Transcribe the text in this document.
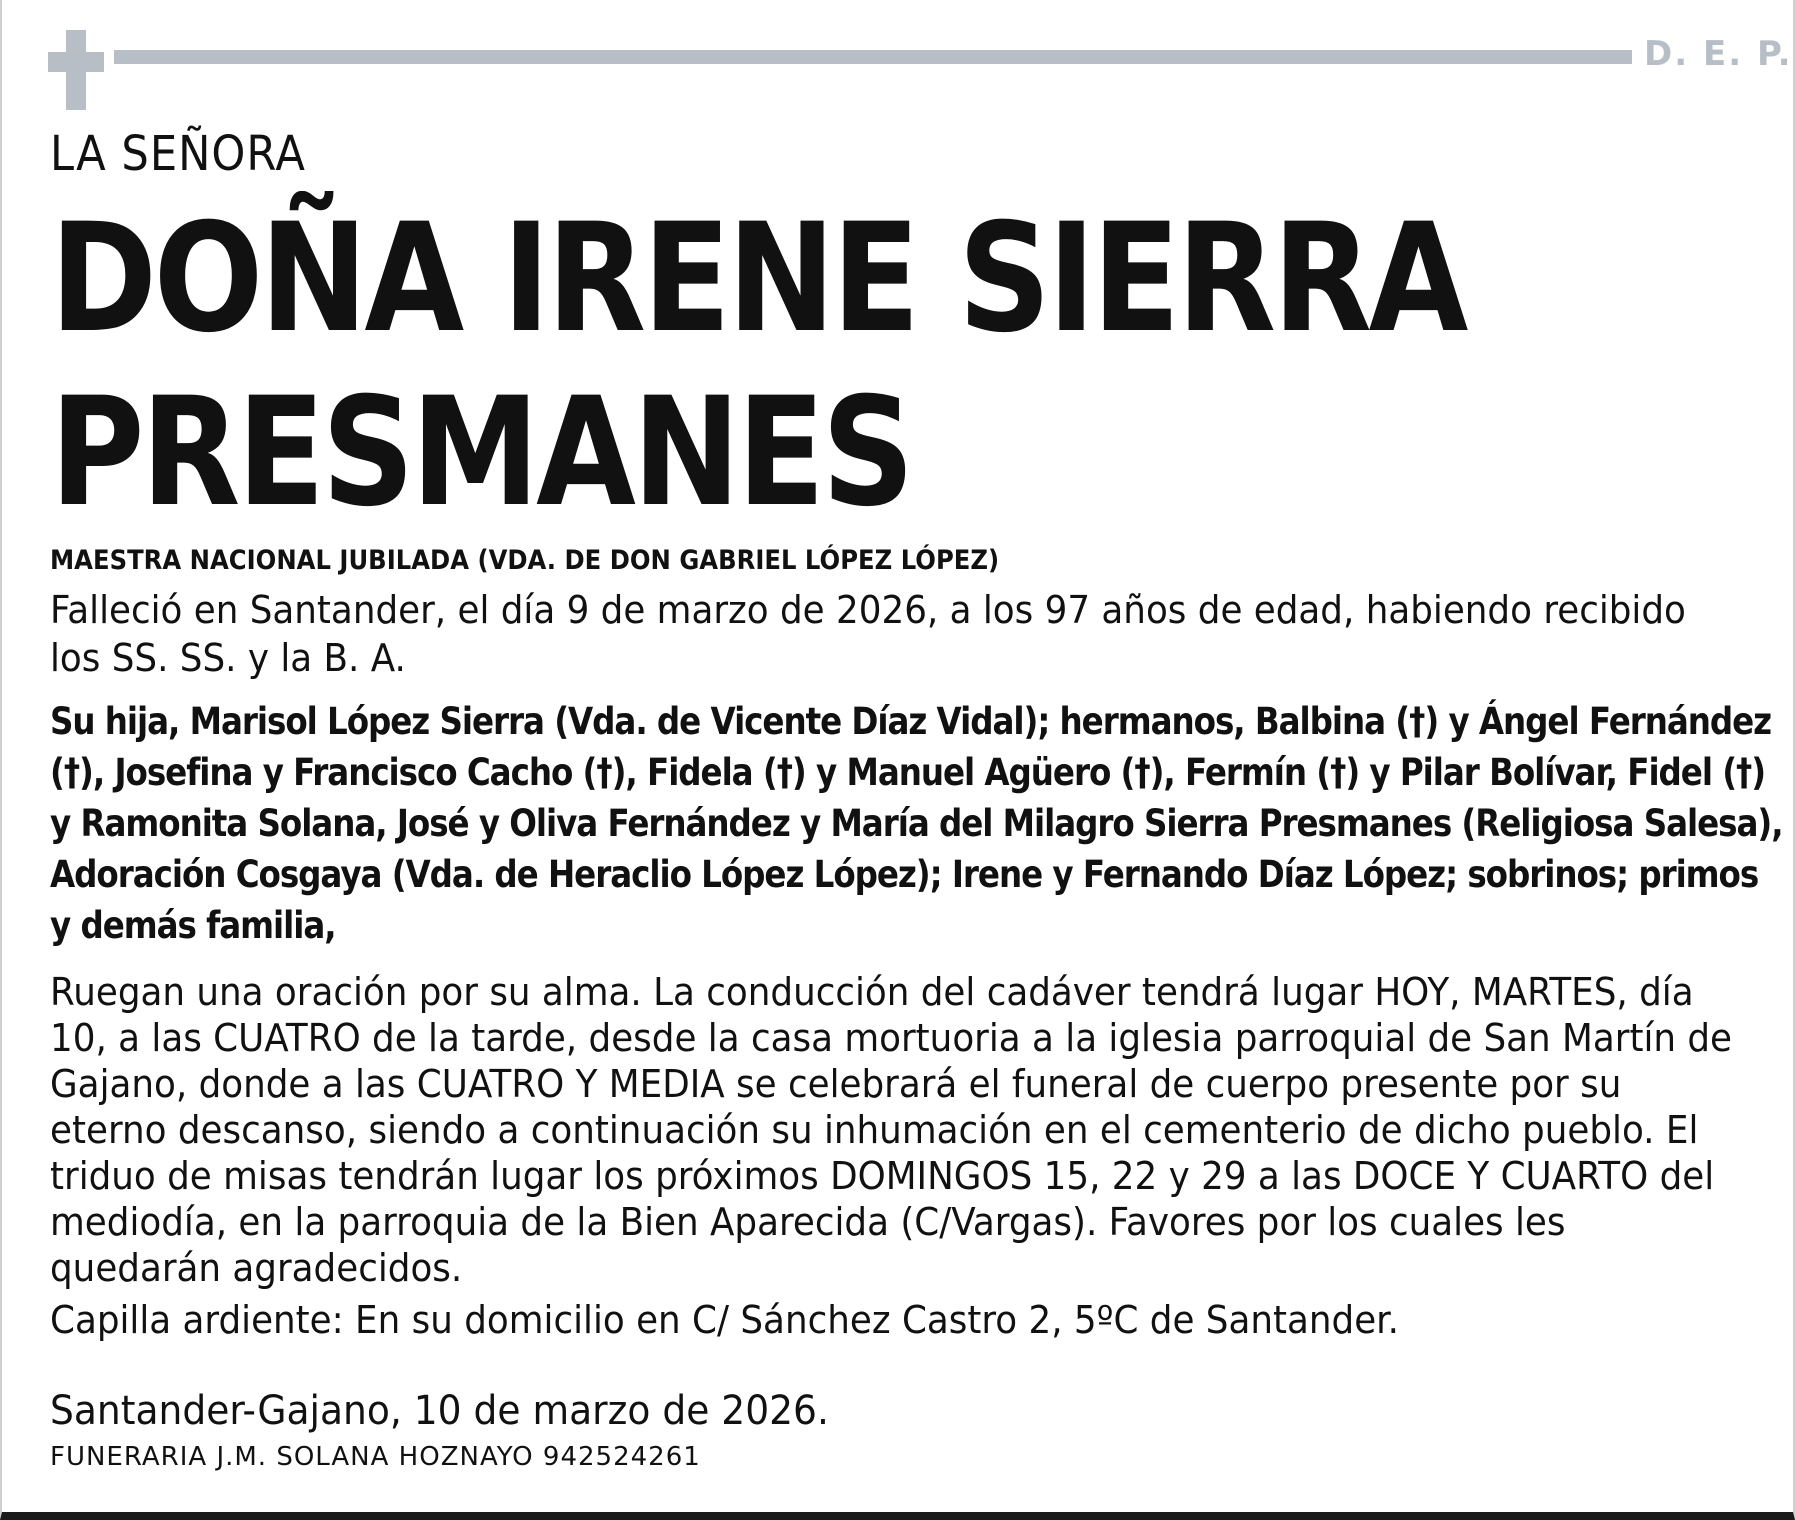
D. E. P.

LA SEÑORA

DOÑA IRENE SIERRA
PRESMANES

MAESTRA NACIONAL JUBILADA (VDA. DE DON GABRIEL LÓPEZ LÓPEZ)

Falleció en Santander, el día 9 de marzo de 2026, a los 97 años de edad, habiendo recibido los SS. SS. y la B. A.

Su hija, Marisol López Sierra (Vda. de Vicente Díaz Vidal); hermanos, Balbina (†) y Ángel Fernández (†), Josefina y Francisco Cacho (†), Fidela (†) y Manuel Agüero (†), Fermín (†) y Pilar Bolívar, Fidel (†) y Ramonita Solana, José y Oliva Fernández y María del Milagro Sierra Presmanes (Religiosa Salesa), Adoración Cosgaya (Vda. de Heraclio López López); Irene y Fernando Díaz López; sobrinos; primos y demás familia,

Ruegan una oración por su alma. La conducción del cadáver tendrá lugar HOY, MARTES, día 10, a las CUATRO de la tarde, desde la casa mortuoria a la iglesia parroquial de San Martín de Gajano, donde a las CUATRO Y MEDIA se celebrará el funeral de cuerpo presente por su eterno descanso, siendo a continuación su inhumación en el cementerio de dicho pueblo. El triduo de misas tendrán lugar los próximos DOMINGOS 15, 22 y 29 a las DOCE Y CUARTO del mediodía, en la parroquia de la Bien Aparecida (C/Vargas). Favores por los cuales les quedarán agradecidos.

Capilla ardiente: En su domicilio en C/ Sánchez Castro 2, 5ºC de Santander.

Santander-Gajano, 10 de marzo de 2026.

FUNERARIA J.M. SOLANA HOZNAYO 942524261
